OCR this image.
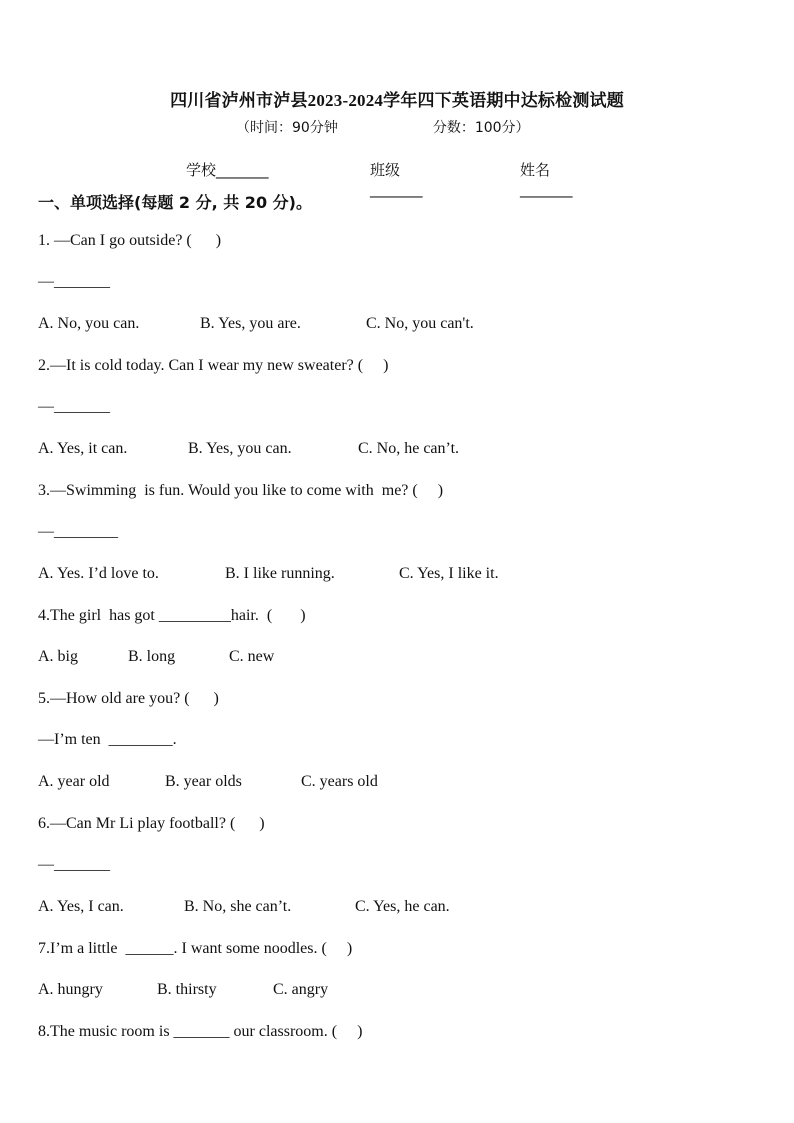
四川省泸州市泸县2023-2024学年四下英语期中达标检测试题
（时间：90分钟	分数：100分）
学校_______	班级_______
姓名_______
一、单项选择(每题 2 分, 共 20 分)。
1. —Can I go outside? (      )
—_______
A. No, you can.	B. Yes, you are.	C. No, you can't.
2.—It is cold today. Can I wear my new sweater? (     )
—_______
A. Yes, it can.	B. Yes, you can.	C. No, he can’t.
3.—Swimming  is fun. Would you like to come with  me? (     )
—________
A. Yes. I’d love to.	B. I like running.	C. Yes, I like it.
4.The girl  has got _________hair.  (       )
A. big	B. long	C. new
5.—How old are you? (      )
—I’m ten  ________.
A. year old	B. year olds	C. years old
6.—Can Mr Li play football? (      )
—_______
A. Yes, I can.	B. No, she can’t.	C. Yes, he can.
7.I’m a little  ______. I want some noodles. (     )
A. hungry	B. thirsty	C. angry
8.The music room is _______ our classroom. (     )
